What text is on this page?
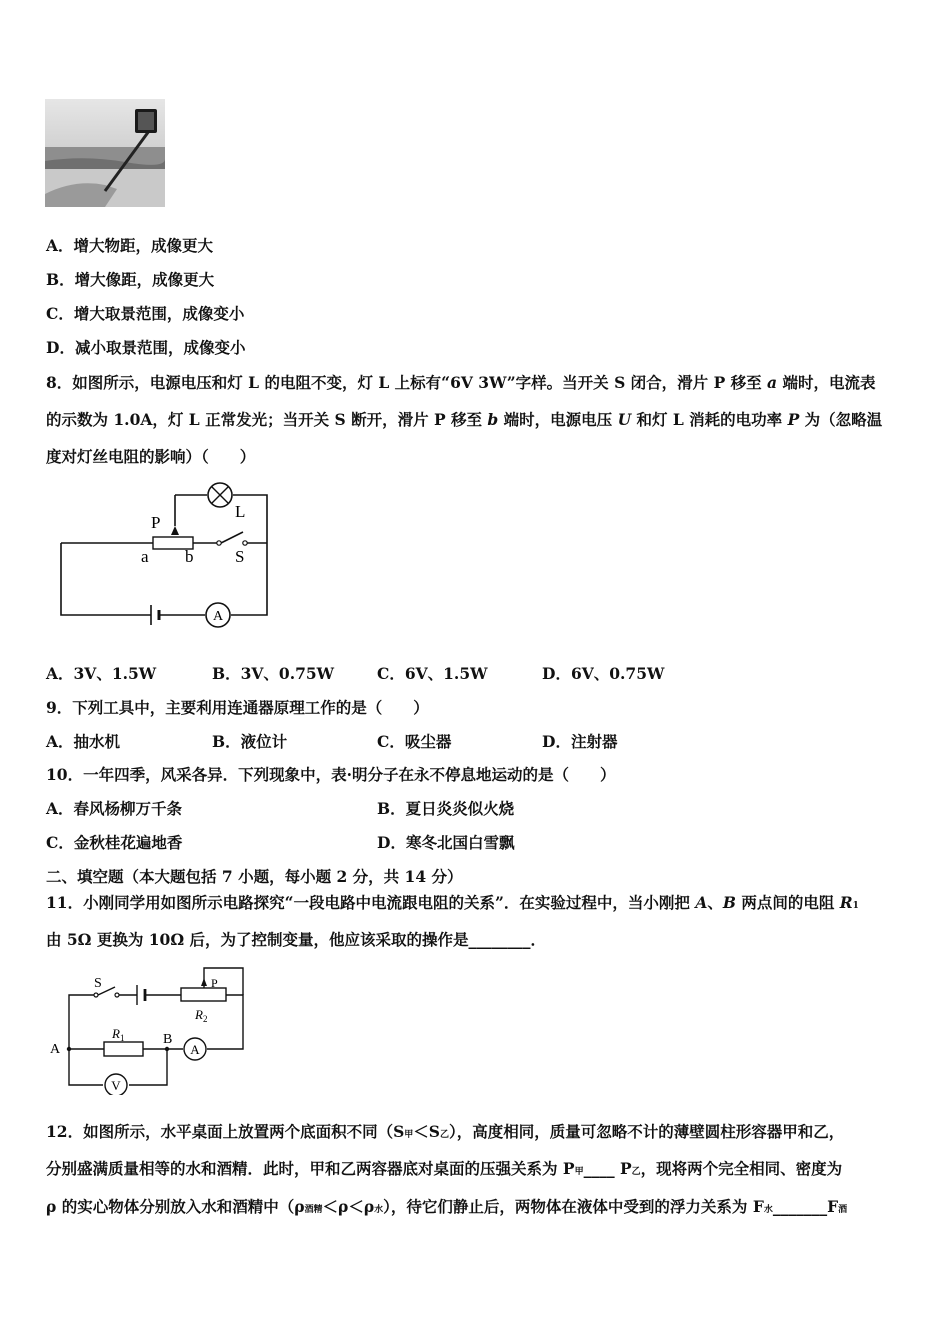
A．增大物距，成像更大
B．增大像距，成像更大
C．增大取景范围，成像变小
D．减小取景范围，成像变小
8．如图所示，电源电压和灯 L 的电阻不变，灯 L 上标有“6V 3W”字样。当开关 S 闭合，滑片 P 移至 a 端时，电流表
的示数为 1.0A，灯 L 正常发光；当开关 S 断开，滑片 P 移至 b 端时，电源电压 U 和灯 L 消耗的电功率 P 为（忽略温
度对灯丝电阻的影响）（　　）
A
P
L
a b S
A．3V、1.5W	B．3V、0.75W	C．6V、1.5W	D．6V、0.75W
9．下列工具中，主要利用连通器原理工作的是（　　）
A．抽水机	B．液位计	C．吸尘器	D．注射器
10．一年四季，风采各异．下列现象中，表·明分子在永不停息地运动的是（　　）
A．春风杨柳万千条	B．夏日炎炎似火烧
C．金秋桂花遍地香	D．寒冬北国白雪飘
二、填空题（本大题包括 7 小题，每小题 2 分，共 14 分）
11．小刚同学用如图所示电路探究“一段电路中电流跟电阻的关系”．在实验过程中，当小刚把 A、B 两点间的电阻 R1
由 5Ω 更换为 10Ω 后，为了控制变量，他应该采取的操作是________．
A
V
S	P
$R_1$
$R_2$
A
B
12．如图所示，水平桌面上放置两个底面积不同（S甲＜S乙），高度相同，质量可忽略不计的薄壁圆柱形容器甲和乙，
分别盛满质量相等的水和酒精．此时，甲和乙两容器底对桌面的压强关系为 P甲____ P乙，现将两个完全相同、密度为
ρ 的实心物体分别放入水和酒精中（ρ酒精＜ρ＜ρ水），待它们静止后，两物体在液体中受到的浮力关系为 F水_______F酒
